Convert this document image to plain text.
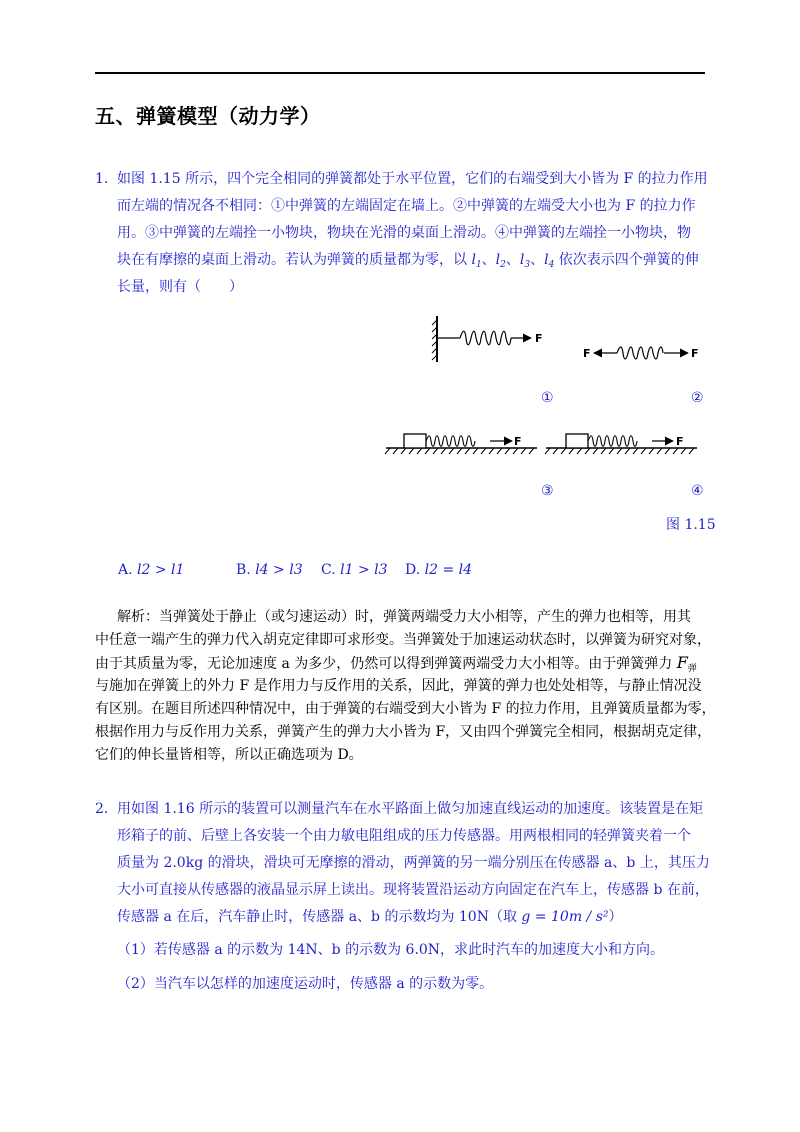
五、弹簧模型（动力学）
1. 如图 1.15 所示，四个完全相同的弹簧都处于水平位置，它们的右端受到大小皆为 F 的拉力作用
而左端的情况各不相同：①中弹簧的左端固定在墙上。②中弹簧的左端受大小也为 F 的拉力作
用。③中弹簧的左端拴一小物块，物块在光滑的桌面上滑动。④中弹簧的左端拴一小物块，物
块在有摩擦的桌面上滑动。若认为弹簧的质量都为零，以 $l_1$、$l_2$、$l_3$、$l_4$ 依次表示四个弹簧的伸
长量，则有（　　）
F
F	F
①	②
F	F
③	④
图 1.15
A. l2 > l1	B. l4 > l3 C. l1 > l3 D. l2 = l4
解析：当弹簧处于静止（或匀速运动）时，弹簧两端受力大小相等，产生的弹力也相等，用其
中任意一端产生的弹力代入胡克定律即可求形变。当弹簧处于加速运动状态时，以弹簧为研究对象，
由于其质量为零，无论加速度 a 为多少，仍然可以得到弹簧两端受力大小相等。由于弹簧弹力 $F_弹$
与施加在弹簧上的外力 F 是作用力与反作用的关系，因此，弹簧的弹力也处处相等，与静止情况没
有区别。在题目所述四种情况中，由于弹簧的右端受到大小皆为 F 的拉力作用，且弹簧质量都为零，
根据作用力与反作用力关系，弹簧产生的弹力大小皆为 F，又由四个弹簧完全相同，根据胡克定律，
它们的伸长量皆相等，所以正确选项为 D。
2. 用如图 1.16 所示的装置可以测量汽车在水平路面上做匀加速直线运动的加速度。该装置是在矩
形箱子的前、后壁上各安装一个由力敏电阻组成的压力传感器。用两根相同的轻弹簧夹着一个
质量为 2.0kg 的滑块，滑块可无摩擦的滑动，两弹簧的另一端分别压在传感器 a、b 上，其压力
大小可直接从传感器的液晶显示屏上读出。现将装置沿运动方向固定在汽车上，传感器 b 在前，
传感器 a 在后，汽车静止时，传感器 a、b 的示数均为 10N（取 g = 10m / s²）
（1）若传感器 a 的示数为 14N、b 的示数为 6.0N，求此时汽车的加速度大小和方向。
（2）当汽车以怎样的加速度运动时，传感器 a 的示数为零。
